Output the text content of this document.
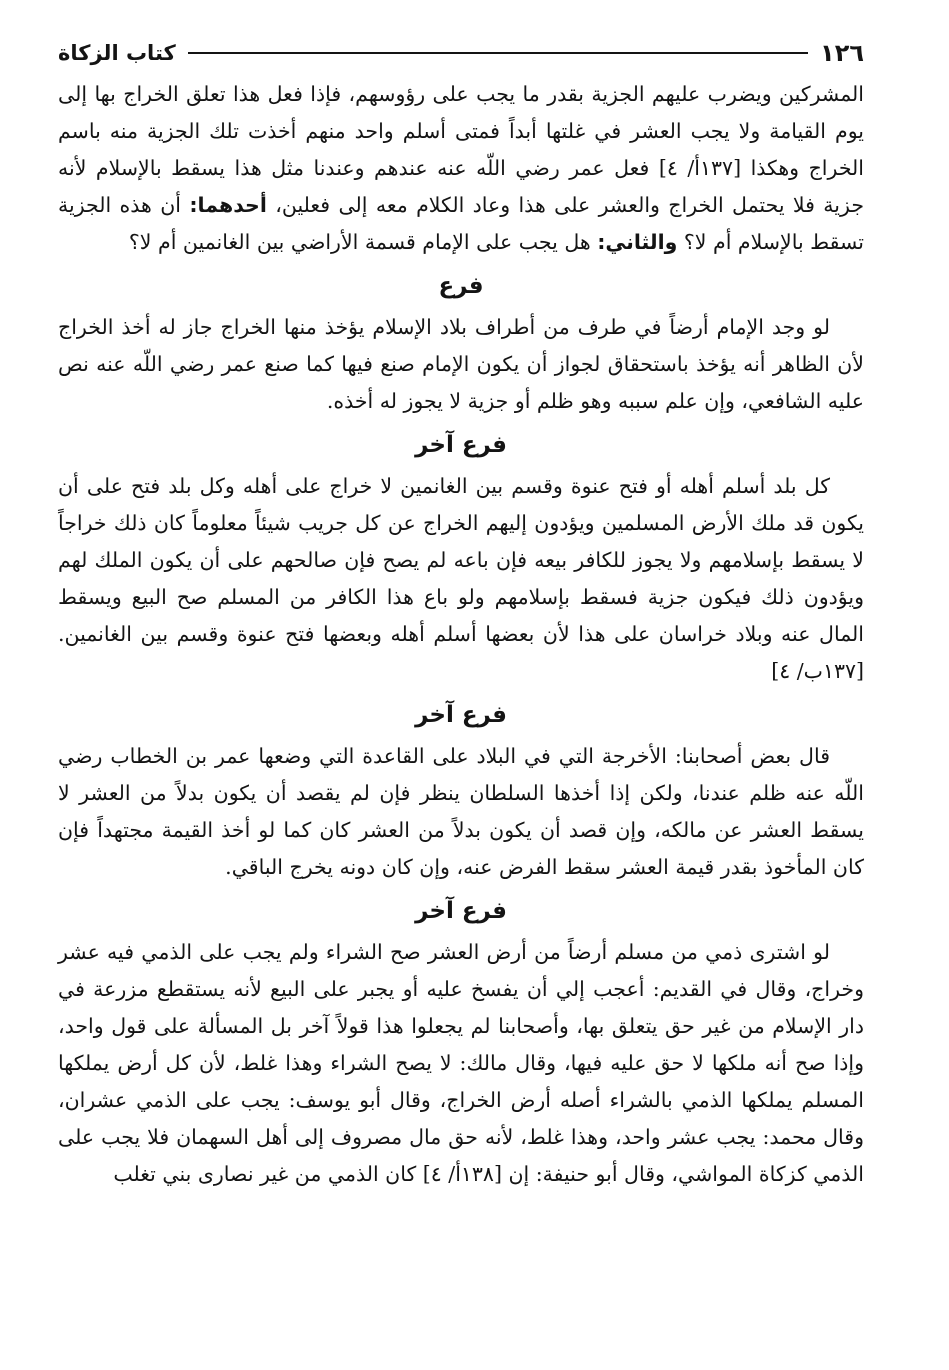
١٢٦
كتاب الزكاة

المشركين ويضرب عليهم الجزية بقدر ما يجب على رؤوسهم، فإذا فعل هذا تعلق الخراج بها إلى يوم القيامة ولا يجب العشر في غلتها أبداً فمتى أسلم واحد منهم أخذت تلك الجزية منه باسم الخراج وهكذا [١٣٧أ/ ٤] فعل عمر رضي اللّه عنه عندهم وعندنا مثل هذا يسقط بالإسلام لأنه جزية فلا يحتمل الخراج والعشر على هذا وعاد الكلام معه إلى فعلين، أحدهما: أن هذه الجزية تسقط بالإسلام أم لا؟ والثاني: هل يجب على الإمام قسمة الأراضي بين الغانمين أم لا؟

فرع

لو وجد الإمام أرضاً في طرف من أطراف بلاد الإسلام يؤخذ منها الخراج جاز له أخذ الخراج لأن الظاهر أنه يؤخذ باستحقاق لجواز أن يكون الإمام صنع فيها كما صنع عمر رضي اللّه عنه نص عليه الشافعي، وإن علم سببه وهو ظلم أو جزية لا يجوز له أخذه.

فرع آخر

كل بلد أسلم أهله أو فتح عنوة وقسم بين الغانمين لا خراج على أهله وكل بلد فتح على أن يكون قد ملك الأرض المسلمين ويؤدون إليهم الخراج عن كل جريب شيئاً معلوماً كان ذلك خراجاً لا يسقط بإسلامهم ولا يجوز للكافر بيعه فإن باعه لم يصح فإن صالحهم على أن يكون الملك لهم ويؤدون ذلك فيكون جزية فسقط بإسلامهم ولو باع هذا الكافر من المسلم صح البيع ويسقط المال عنه وبلاد خراسان على هذا لأن بعضها أسلم أهله وبعضها فتح عنوة وقسم بين الغانمين. [١٣٧ب/ ٤]

فرع آخر

قال بعض أصحابنا: الأخرجة التي في البلاد على القاعدة التي وضعها عمر بن الخطاب رضي اللّه عنه ظلم عندنا، ولكن إذا أخذها السلطان ينظر فإن لم يقصد أن يكون بدلاً من العشر لا يسقط العشر عن مالكه، وإن قصد أن يكون بدلاً من العشر كان كما لو أخذ القيمة مجتهداً فإن كان المأخوذ بقدر قيمة العشر سقط الفرض عنه، وإن كان دونه يخرج الباقي.

فرع آخر

لو اشترى ذمي من مسلم أرضاً من أرض العشر صح الشراء ولم يجب على الذمي فيه عشر وخراج، وقال في القديم: أعجب إلي أن يفسخ عليه أو يجبر على البيع لأنه يستقطع مزرعة في دار الإسلام من غير حق يتعلق بها، وأصحابنا لم يجعلوا هذا قولاً آخر بل المسألة على قول واحد، وإذا صح أنه ملكها لا حق عليه فيها، وقال مالك: لا يصح الشراء وهذا غلط، لأن كل أرض يملكها المسلم يملكها الذمي بالشراء أصله أرض الخراج، وقال أبو يوسف: يجب على الذمي عشران، وقال محمد: يجب عشر واحد، وهذا غلط، لأنه حق مال مصروف إلى أهل السهمان فلا يجب على الذمي كزكاة المواشي، وقال أبو حنيفة: إن [١٣٨أ/ ٤] كان الذمي من غير نصارى بني تغلب
